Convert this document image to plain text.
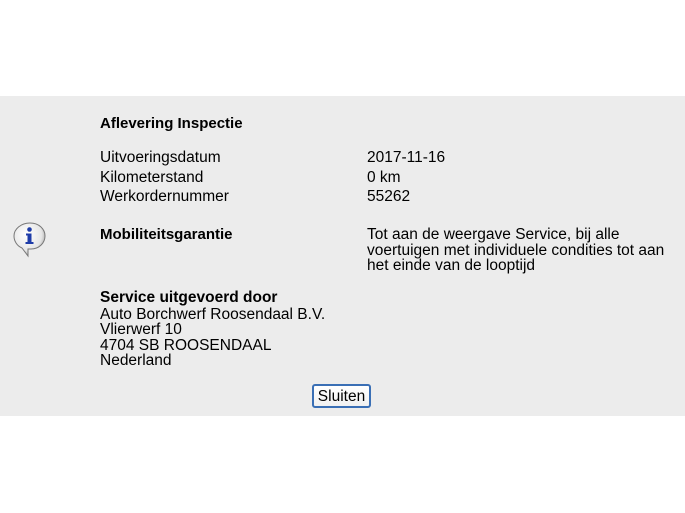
Aflevering Inspectie
Uitvoeringsdatum	2017-11-16
Kilometerstand	0 km
Werkordernummer	55262
Mobiliteitsgarantie	Tot aan de weergave Service, bij alle voertuigen met individuele condities tot aan het einde van de looptijd
Service uitgevoerd door
Auto Borchwerf Roosendaal B.V.
Vlierwerf 10
4704 SB ROOSENDAAL
Nederland
Sluiten
